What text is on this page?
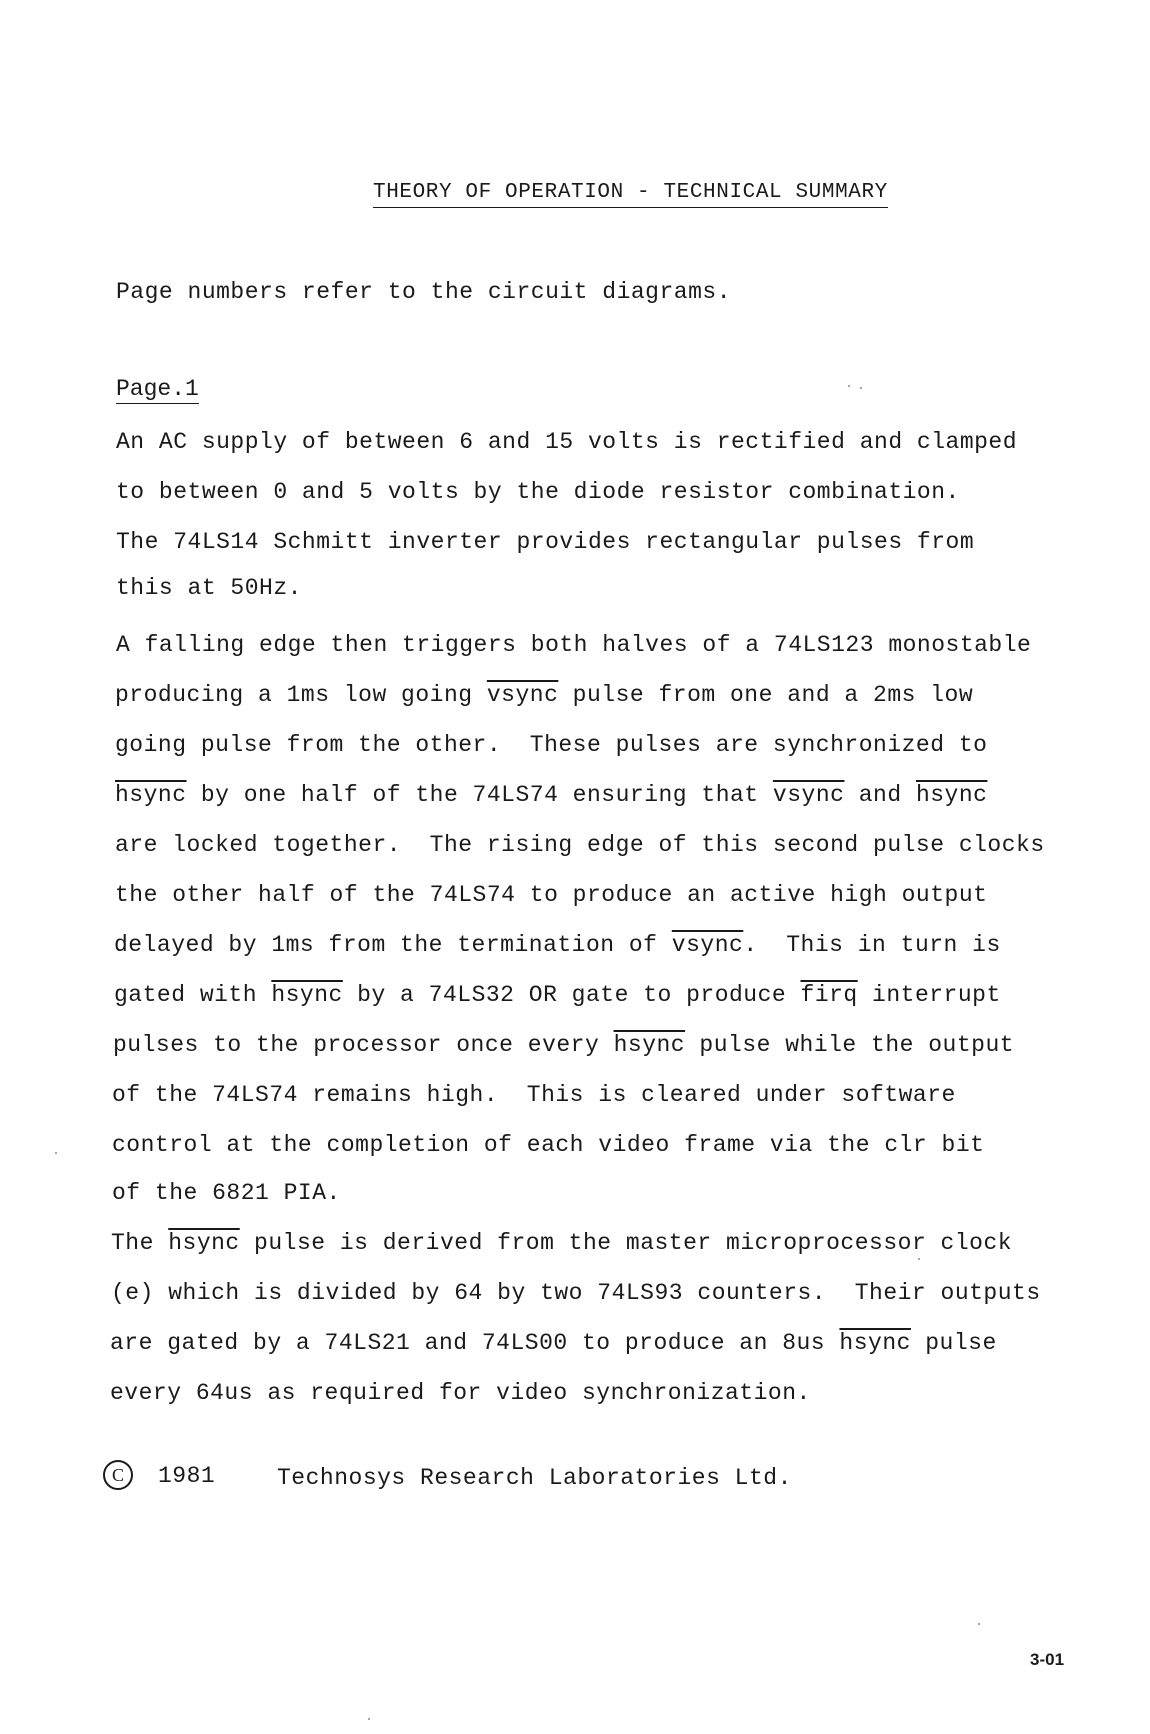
THEORY OF OPERATION - TECHNICAL SUMMARY
Page numbers refer to the circuit diagrams.
Page.1
An AC supply of between 6 and 15 volts is rectified and clamped
to between 0 and 5 volts by the diode resistor combination.
The 74LS14 Schmitt inverter provides rectangular pulses from
this at 50Hz.
A falling edge then triggers both halves of a 74LS123 monostable
producing a 1ms low going vsync pulse from one and a 2ms low
going pulse from the other.  These pulses are synchronized to
hsync by one half of the 74LS74 ensuring that vsync and hsync
are locked together.  The rising edge of this second pulse clocks
the other half of the 74LS74 to produce an active high output
delayed by 1ms from the termination of vsync.  This in turn is
gated with hsync by a 74LS32 OR gate to produce firq interrupt
pulses to the processor once every hsync pulse while the output
of the 74LS74 remains high.  This is cleared under software
control at the completion of each video frame via the clr bit
of the 6821 PIA.
The hsync pulse is derived from the master microprocessor clock
(e) which is divided by 64 by two 74LS93 counters.  Their outputs
are gated by a 74LS21 and 74LS00 to produce an 8us hsync pulse
every 64us as required for video synchronization.
C	1981	Technosys Research Laboratories Ltd.
3-01
